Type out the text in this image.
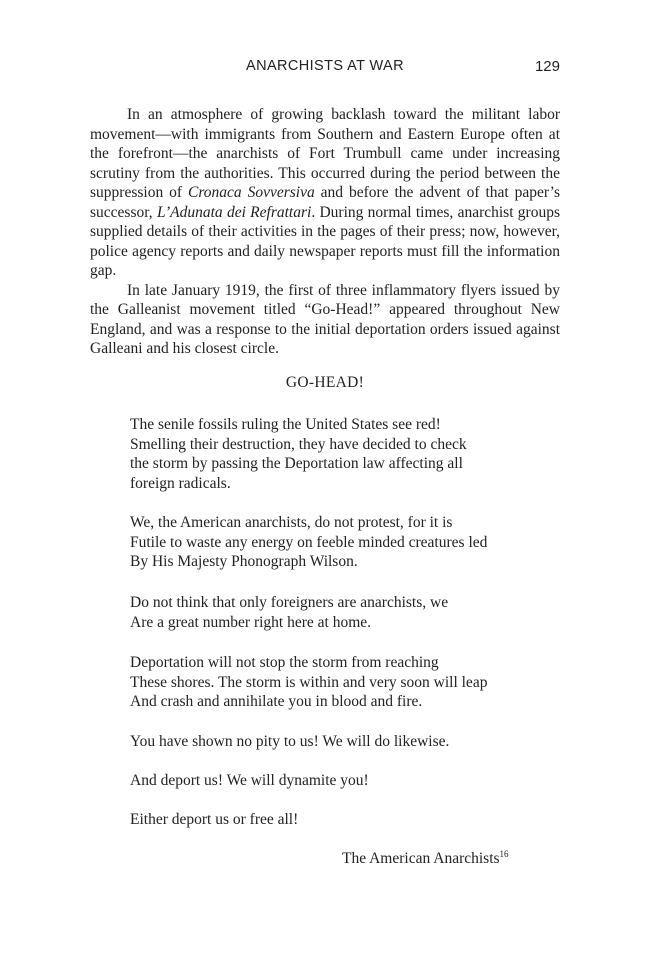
ANARCHISTS AT WAR	129

In an atmosphere of growing backlash toward the militant labor movement—with immigrants from Southern and Eastern Europe often at the forefront—the anarchists of Fort Trumbull came under increasing scrutiny from the authorities. This occurred during the period between the suppression of Cronaca Sovversiva and before the advent of that paper’s successor, L’Adunata dei Refrattari. During normal times, anarchist groups supplied details of their activities in the pages of their press; now, however, police agency reports and daily newspaper reports must fill the information gap.

In late January 1919, the first of three inflammatory flyers issued by the Galleanist movement titled “Go-Head!” appeared throughout New England, and was a response to the initial deportation orders issued against Galleani and his closest circle.

GO-HEAD!
The senile fossils ruling the United States see red!
Smelling their destruction, they have decided to check
the storm by passing the Deportation law affecting all
foreign radicals.
We, the American anarchists, do not protest, for it is
Futile to waste any energy on feeble minded creatures led
By His Majesty Phonograph Wilson.
Do not think that only foreigners are anarchists, we
Are a great number right here at home.
Deportation will not stop the storm from reaching
These shores. The storm is within and very soon will leap
And crash and annihilate you in blood and fire.
You have shown no pity to us! We will do likewise.
And deport us! We will dynamite you!
Either deport us or free all!
The American Anarchists$^{16}$
